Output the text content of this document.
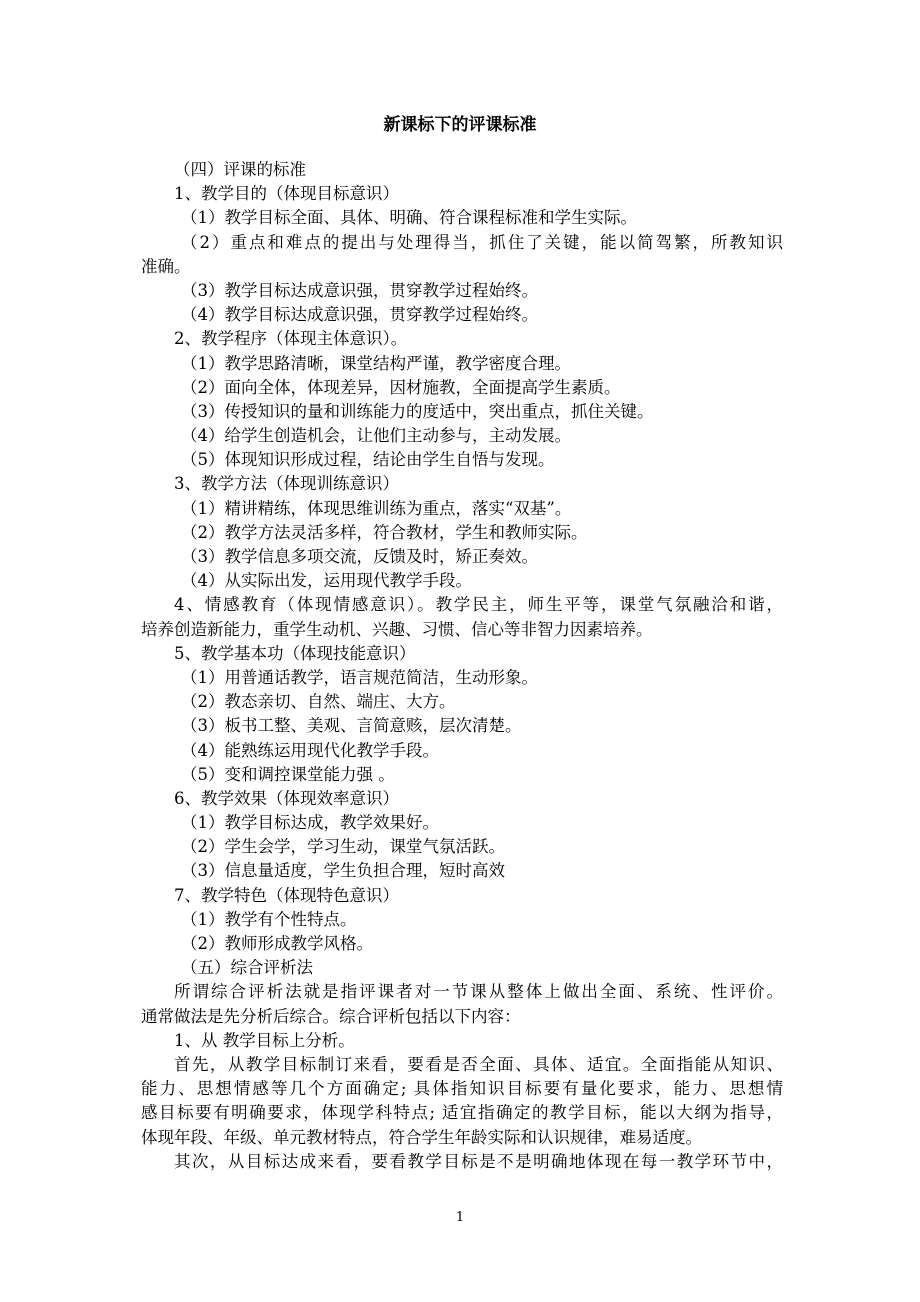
新课标下的评课标准
（四）评课的标准
1、教学目的（体现目标意识）
（1）教学目标全面、具体、明确、符合课程标准和学生实际。
（2）重点和难点的提出与处理得当，抓住了关键，能以简驾繁，所教知识
准确。
（3）教学目标达成意识强，贯穿教学过程始终。
（4）教学目标达成意识强，贯穿教学过程始终。
2、教学程序（体现主体意识）。
（1）教学思路清晰，课堂结构严谨，教学密度合理。
（2）面向全体，体现差异，因材施教，全面提高学生素质。
（3）传授知识的量和训练能力的度适中，突出重点，抓住关键。
（4）给学生创造机会，让他们主动参与，主动发展。
（5）体现知识形成过程，结论由学生自悟与发现。
3、教学方法（体现训练意识）
（1）精讲精练，体现思维训练为重点，落实“双基”。
（2）教学方法灵活多样，符合教材，学生和教师实际。
（3）教学信息多项交流，反馈及时，矫正奏效。
（4）从实际出发，运用现代教学手段。
4、情感教育（体现情感意识）。教学民主，师生平等，课堂气氛融洽和谐，
培养创造新能力，重学生动机、兴趣、习惯、信心等非智力因素培养。
5、教学基本功（体现技能意识）
（1）用普通话教学，语言规范简洁，生动形象。
（2）教态亲切、自然、端庄、大方。
（3）板书工整、美观、言简意赅，层次清楚。
（4）能熟练运用现代化教学手段。
（5）变和调控课堂能力强 。
6、教学效果（体现效率意识）
（1）教学目标达成，教学效果好。
（2）学生会学，学习生动，课堂气氛活跃。
（3）信息量适度，学生负担合理，短时高效
7、教学特色（体现特色意识）
（1）教学有个性特点。
（2）教师形成教学风格。
（五）综合评析法
所谓综合评析法就是指评课者对一节课从整体上做出全面、系统、性评价。
通常做法是先分析后综合。综合评析包括以下内容：
1、从 教学目标上分析。
首先，从教学目标制订来看，要看是否全面、具体、适宜。全面指能从知识、
能力、思想情感等几个方面确定; 具体指知识目标要有量化要求，能力、思想情
感目标要有明确要求，体现学科特点; 适宜指确定的教学目标，能以大纲为指导，
体现年段、年级、单元教材特点，符合学生年龄实际和认识规律，难易适度。
其次，从目标达成来看，要看教学目标是不是明确地体现在每一教学环节中，
1
